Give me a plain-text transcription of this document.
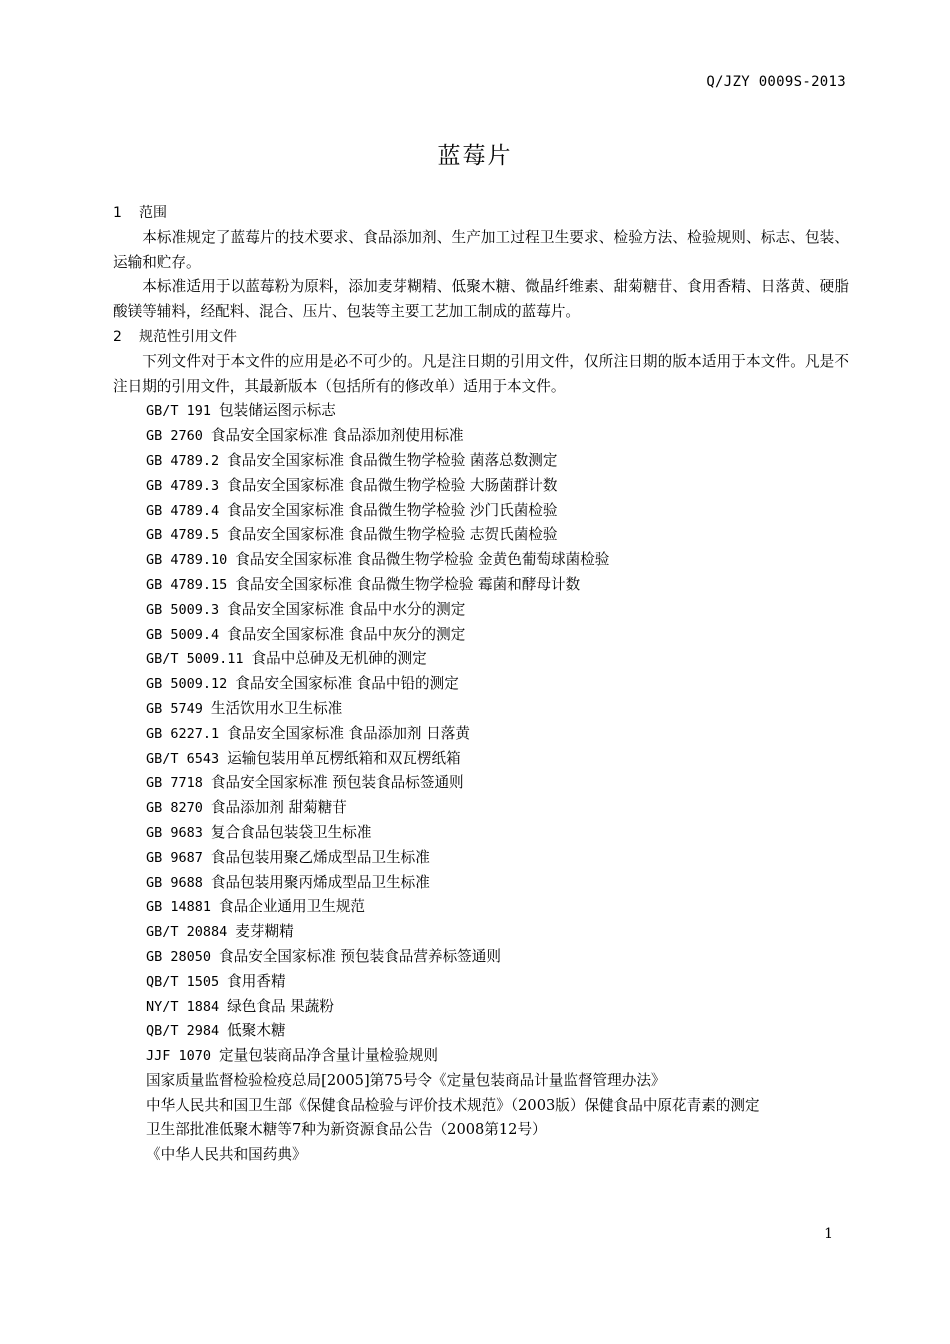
Q/JZY 0009S-2013
蓝莓片
1 范围
本标准规定了蓝莓片的技术要求、食品添加剂、生产加工过程卫生要求、检验方法、检验规则、标志、包装、运输和贮存。
本标准适用于以蓝莓粉为原料，添加麦芽糊精、低聚木糖、微晶纤维素、甜菊糖苷、食用香精、日落黄、硬脂酸镁等辅料，经配料、混合、压片、包装等主要工艺加工制成的蓝莓片。
2 规范性引用文件
下列文件对于本文件的应用是必不可少的。凡是注日期的引用文件，仅所注日期的版本适用于本文件。凡是不注日期的引用文件，其最新版本（包括所有的修改单）适用于本文件。
GB/T 191 包装储运图示标志
GB 2760 食品安全国家标准 食品添加剂使用标准
GB 4789.2 食品安全国家标准 食品微生物学检验 菌落总数测定
GB 4789.3 食品安全国家标准 食品微生物学检验 大肠菌群计数
GB 4789.4 食品安全国家标准 食品微生物学检验 沙门氏菌检验
GB 4789.5 食品安全国家标准 食品微生物学检验 志贺氏菌检验
GB 4789.10 食品安全国家标准 食品微生物学检验 金黄色葡萄球菌检验
GB 4789.15 食品安全国家标准 食品微生物学检验 霉菌和酵母计数
GB 5009.3 食品安全国家标准 食品中水分的测定
GB 5009.4 食品安全国家标准 食品中灰分的测定
GB/T 5009.11 食品中总砷及无机砷的测定
GB 5009.12 食品安全国家标准 食品中铅的测定
GB 5749 生活饮用水卫生标准
GB 6227.1 食品安全国家标准 食品添加剂 日落黄
GB/T 6543 运输包装用单瓦楞纸箱和双瓦楞纸箱
GB 7718 食品安全国家标准 预包装食品标签通则
GB 8270 食品添加剂 甜菊糖苷
GB 9683 复合食品包装袋卫生标准
GB 9687 食品包装用聚乙烯成型品卫生标准
GB 9688 食品包装用聚丙烯成型品卫生标准
GB 14881 食品企业通用卫生规范
GB/T 20884 麦芽糊精
GB 28050 食品安全国家标准 预包装食品营养标签通则
QB/T 1505 食用香精
NY/T 1884 绿色食品 果蔬粉
QB/T 2984 低聚木糖
JJF 1070 定量包装商品净含量计量检验规则
国家质量监督检验检疫总局[2005]第75号令《定量包装商品计量监督管理办法》
中华人民共和国卫生部《保健食品检验与评价技术规范》（2003版）保健食品中原花青素的测定
卫生部批准低聚木糖等7种为新资源食品公告（2008第12号）
《中华人民共和国药典》
1
